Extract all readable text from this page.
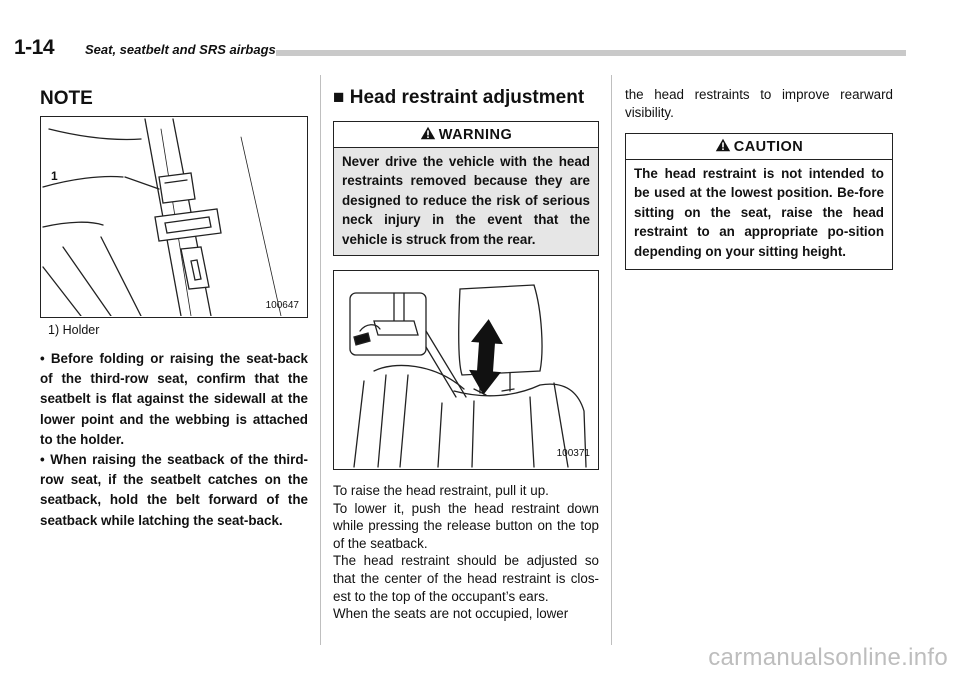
1-14 Seat, seatbelt and SRS airbags
NOTE
1
100647
1) Holder

• Before folding or raising the seat-back of the third-row seat, confirm that the seatbelt is flat against the sidewall at the lower point and the webbing is attached to the holder.

• When raising the seatback of the third-row seat, if the seatbelt catches on the seatback, hold the belt forward of the seatback while latching the seat-back.

■ Head restraint adjustment
WARNING
Never drive the vehicle with the head restraints removed because they are designed to reduce the risk of serious neck injury in the event that the vehicle is struck from the rear.
100371

To raise the head restraint, pull it up.

To lower it, push the head restraint down while pressing the release button on the top of the seatback.

The head restraint should be adjusted so that the center of the head restraint is clos-est to the top of the occupant’s ears.

When the seats are not occupied, lower

the head restraints to improve rearward visibility.
CAUTION
The head restraint is not intended to be used at the lowest position. Be-fore sitting on the seat, raise the head restraint to an appropriate po-sition depending on your sitting height.
carmanualsonline.info
